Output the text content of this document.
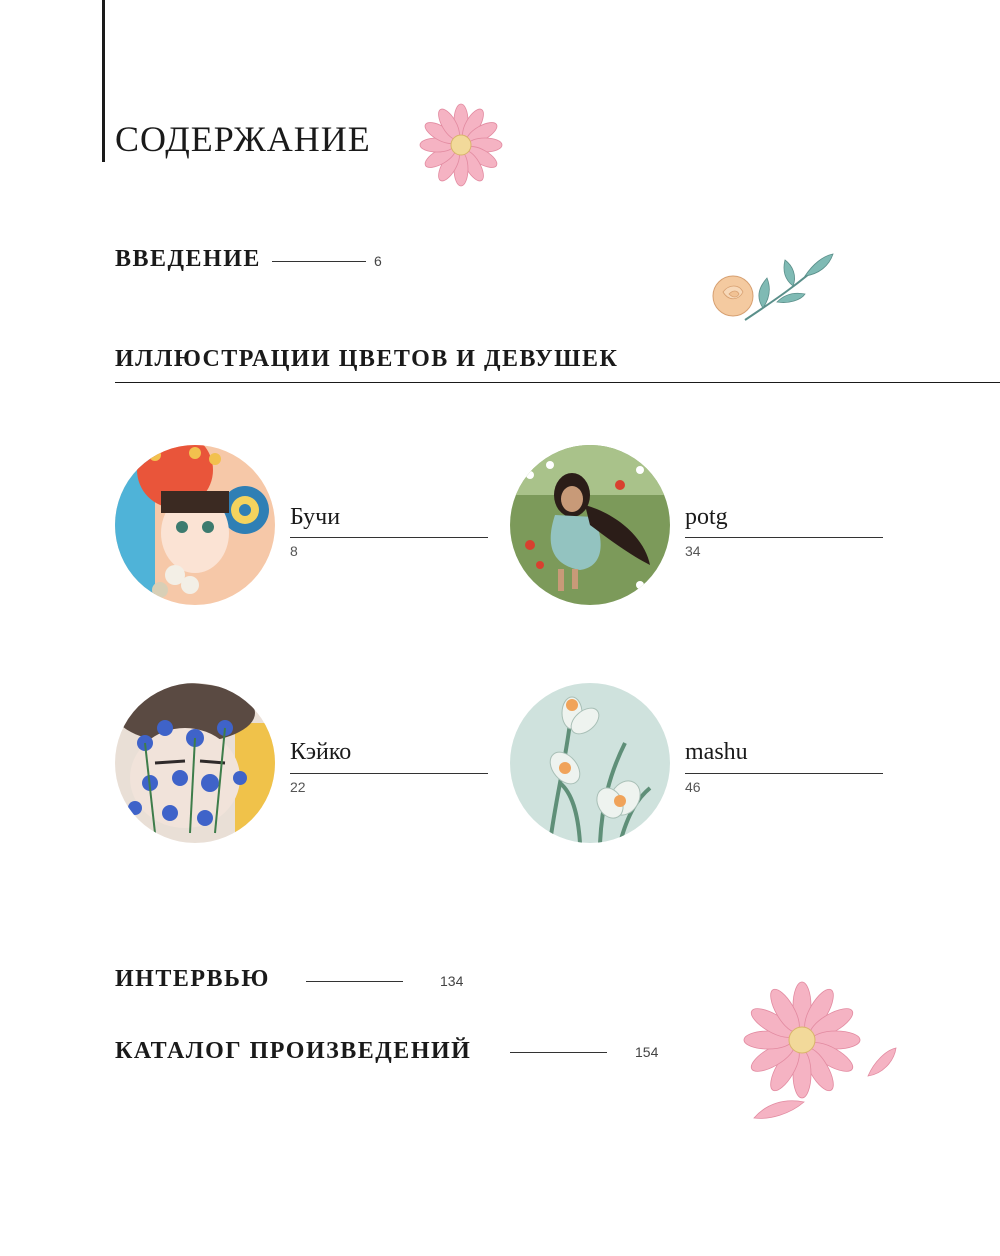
СОДЕРЖАНИЕ
ВВЕДЕНИЕ	6
ИЛЛЮСТРАЦИИ ЦВЕТОВ И ДЕВУШЕК
Бучи
8
potg
34
Кэйко
22
mashu
46
ИНТЕРВЬЮ	134
КАТАЛОГ ПРОИЗВЕДЕНИЙ	154
